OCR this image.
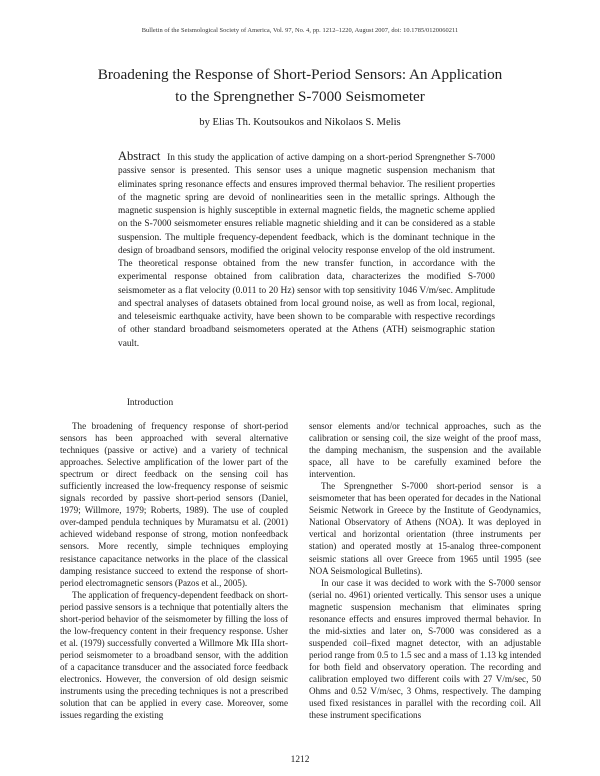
Bulletin of the Seismological Society of America, Vol. 97, No. 4, pp. 1212–1220, August 2007, doi: 10.1785/0120060211
Broadening the Response of Short-Period Sensors: An Application
to the Sprengnether S-7000 Seismometer
by Elias Th. Koutsoukos and Nikolaos S. Melis
Abstract In this study the application of active damping on a short-period Sprengnether S-7000 passive sensor is presented. This sensor uses a unique magnetic suspension mechanism that eliminates spring resonance effects and ensures improved thermal behavior. The resilient properties of the magnetic spring are devoid of nonlinearities seen in the metallic springs. Although the magnetic suspension is highly susceptible in external magnetic fields, the magnetic scheme applied on the S-7000 seismometer ensures reliable magnetic shielding and it can be considered as a stable suspension. The multiple frequency-dependent feedback, which is the dominant technique in the design of broadband sensors, modified the original velocity response envelop of the old instrument. The theoretical response obtained from the new transfer function, in accordance with the experimental response obtained from calibration data, characterizes the modified S-7000 seismometer as a flat velocity (0.011 to 20 Hz) sensor with top sensitivity 1046 V/m/sec. Amplitude and spectral analyses of datasets obtained from local ground noise, as well as from local, regional, and teleseismic earthquake activity, have been shown to be comparable with respective recordings of other standard broadband seismometers operated at the Athens (ATH) seismographic station vault.
Introduction

The broadening of frequency response of short-period sensors has been approached with several alternative techniques (passive or active) and a variety of technical approaches. Selective amplification of the lower part of the spectrum or direct feedback on the sensing coil has sufficiently increased the low-frequency response of seismic signals recorded by passive short-period sensors (Daniel, 1979; Willmore, 1979; Roberts, 1989). The use of coupled over-damped pendula techniques by Muramatsu et al. (2001) achieved wideband response of strong, motion nonfeedback sensors. More recently, simple techniques employing resistance capacitance networks in the place of the classical damping resistance succeed to extend the response of short-period electromagnetic sensors (Pazos et al., 2005).

The application of frequency-dependent feedback on short-period passive sensors is a technique that potentially alters the short-period behavior of the seismometer by filling the loss of the low-frequency content in their frequency response. Usher et al. (1979) successfully converted a Willmore Mk IIIa short-period seismometer to a broadband sensor, with the addition of a capacitance transducer and the associated force feedback electronics. However, the conversion of old design seismic instruments using the preceding techniques is not a prescribed solution that can be applied in every case. Moreover, some issues regarding the existing

sensor elements and/or technical approaches, such as the calibration or sensing coil, the size weight of the proof mass, the damping mechanism, the suspension and the available space, all have to be carefully examined before the intervention.

The Sprengnether S-7000 short-period sensor is a seismometer that has been operated for decades in the National Seismic Network in Greece by the Institute of Geodynamics, National Observatory of Athens (NOA). It was deployed in vertical and horizontal orientation (three instruments per station) and operated mostly at 15-analog three-component seismic stations all over Greece from 1965 until 1995 (see NOA Seismological Bulletins).

In our case it was decided to work with the S-7000 sensor (serial no. 4961) oriented vertically. This sensor uses a unique magnetic suspension mechanism that eliminates spring resonance effects and ensures improved thermal behavior. In the mid-sixties and later on, S-7000 was considered as a suspended coil–fixed magnet detector, with an adjustable period range from 0.5 to 1.5 sec and a mass of 1.13 kg intended for both field and observatory operation. The recording and calibration employed two different coils with 27 V/m/sec, 50 Ohms and 0.52 V/m/sec, 3 Ohms, respectively. The damping used fixed resistances in parallel with the recording coil. All these instrument specifications

1212
